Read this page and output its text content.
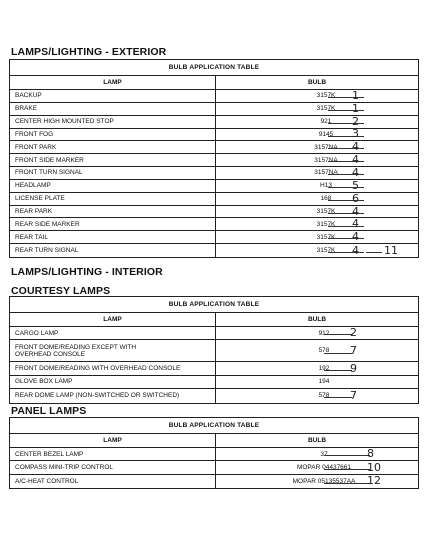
LAMPS/LIGHTING - EXTERIOR
BULB APPLICATION TABLE
LAMP	BULB
BACKUP	3157K 1
BRAKE	3157K 1
CENTER HIGH MOUNTED STOP	921 2
FRONT FOG	9145 3
FRONT PARK	3157NA 4
FRONT SIDE MARKER	3157NA 4
FRONT TURN SIGNAL	3157NA 4
HEADLAMP	H13 5
LICENSE PLATE	168 6
REAR PARK	3157K 4
REAR SIDE MARKER	3157K 4
REAR TAIL	3157K 4
REAR TURN SIGNAL	3157K 4 11
LAMPS/LIGHTING - INTERIOR
COURTESY LAMPS
BULB APPLICATION TABLE
LAMP	BULB
CARGO LAMP	912 2
FRONT DOME/READING EXCEPT WITH
OVERHEAD CONSOLE	578 7
FRONT DOME/READING WITH OVERHEAD CONSOLE	192 9
GLOVE BOX LAMP	194
REAR DOME LAMP (NON-SWITCHED OR SWITCHED)	578 7
PANEL LAMPS
BULB APPLICATION TABLE
LAMP	BULB
CENTER BEZEL LAMP	37	8
COMPASS MINI-TRIP CONTROL	MOPAR 04437661 10
A/C-HEAT CONTROL	MOPAR 05135537AA 12
